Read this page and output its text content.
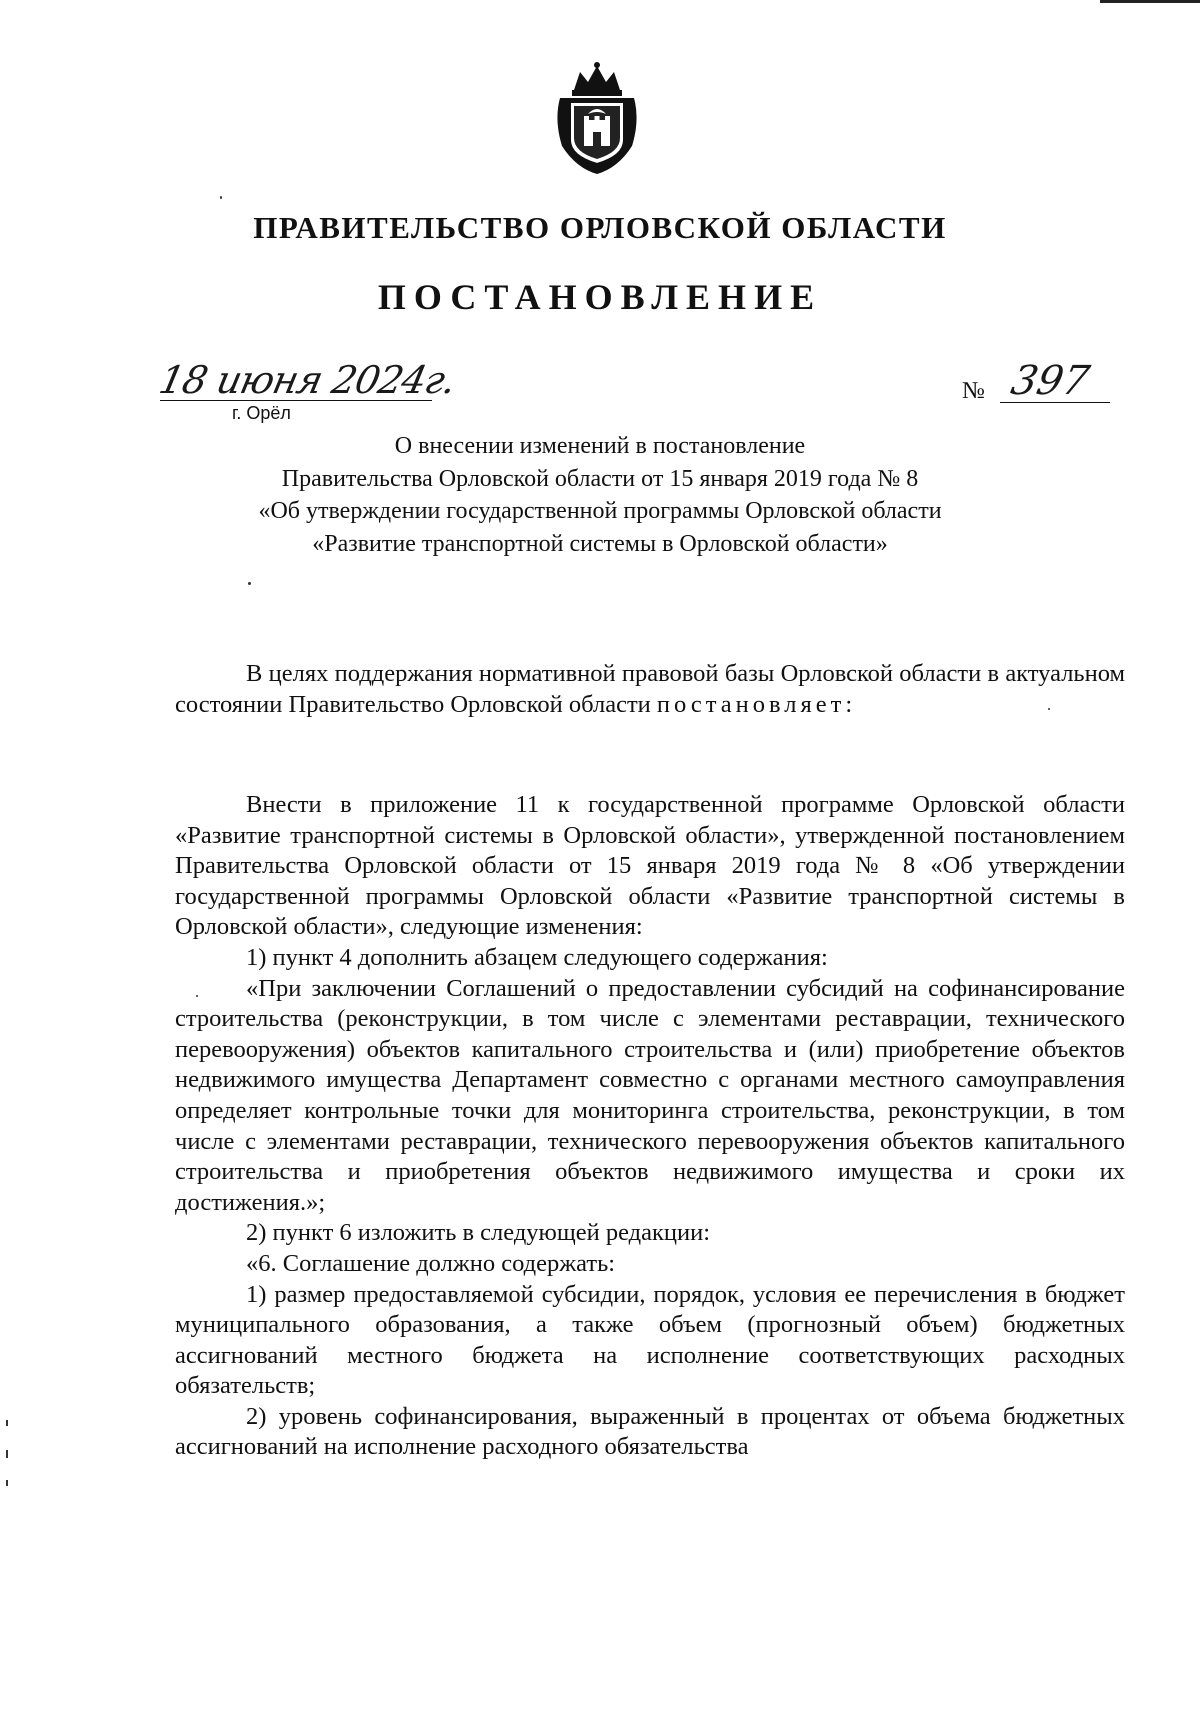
ПРАВИТЕЛЬСТВО ОРЛОВСКОЙ ОБЛАСТИ
ПОСТАНОВЛЕНИЕ
18 июня 2024г.
г. Орёл
№ 397
О внесении изменений в постановление
Правительства Орловской области от 15 января 2019 года № 8
«Об утверждении государственной программы Орловской области
«Развитие транспортной системы в Орловской области»

В целях поддержания нормативной правовой базы Орловской области в актуальном состоянии Правительство Орловской области постановляет:

Внести в приложение 11 к государственной программе Орловской области «Развитие транспортной системы в Орловской области», утвержденной постановлением Правительства Орловской области от 15 января 2019 года № 8 «Об утверждении государственной программы Орловской области «Развитие транспортной системы в Орловской области», следующие изменения:

1) пункт 4 дополнить абзацем следующего содержания:

«При заключении Соглашений о предоставлении субсидий на софинансирование строительства (реконструкции, в том числе с элементами реставрации, технического перевооружения) объектов капитального строительства и (или) приобретение объектов недвижимого имущества Департамент совместно с органами местного самоуправления определяет контрольные точки для мониторинга строительства, реконструкции, в том числе с элементами реставрации, технического перевооружения объектов капитального строительства и приобретения объектов недвижимого имущества и сроки их достижения.»;

2) пункт 6 изложить в следующей редакции:

«6. Соглашение должно содержать:

1) размер предоставляемой субсидии, порядок, условия ее перечисления в бюджет муниципального образования, а также объем (прогнозный объем) бюджетных ассигнований местного бюджета на исполнение соответствующих расходных обязательств;

2) уровень софинансирования, выраженный в процентах от объема бюджетных ассигнований на исполнение расходного обязательства
